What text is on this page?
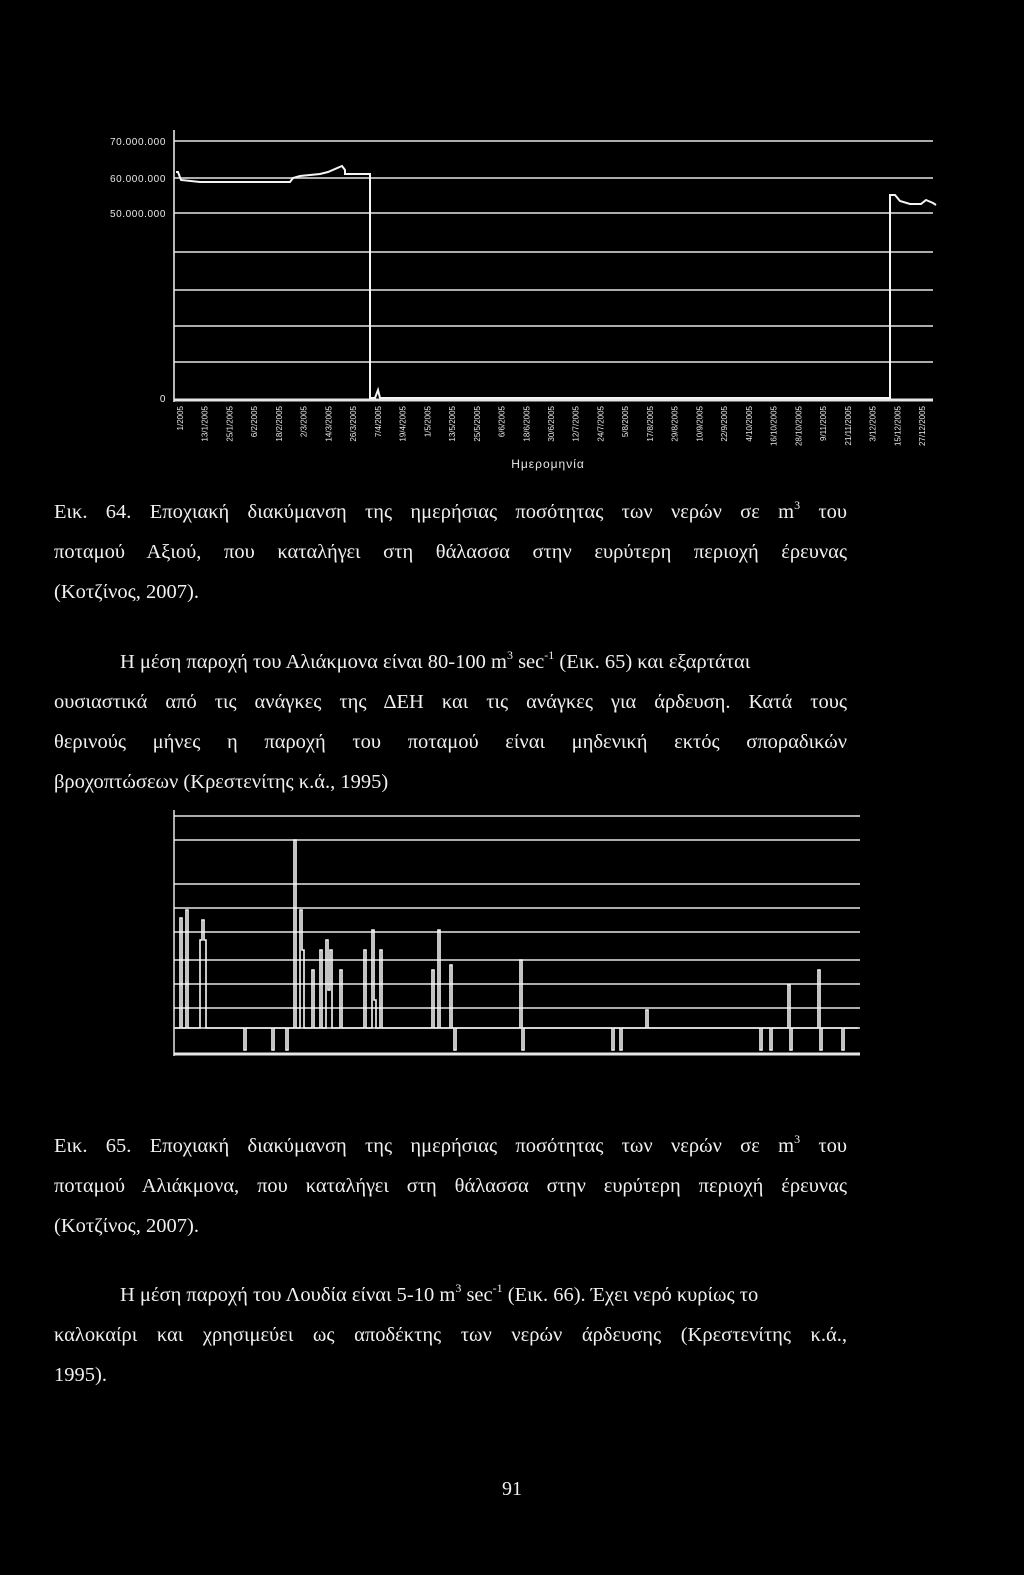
70.000.000
60.000.000
50.000.000
0
1/2005 13/1/2005 25/1/2005 6/2/2005 18/2/2005 2/3/2005 14/3/2005 26/3/2005 7/4/2005 19/4/2005 1/5/2005 13/5/2005 25/5/2005 6/6/2005 18/6/2005 30/6/2005 12/7/2005 24/7/2005 5/8/2005 17/8/2005 29/8/2005 10/9/2005 22/9/2005 4/10/2005 16/10/2005 28/10/2005 9/11/2005 21/11/2005 3/12/2005 15/12/2005 27/12/2005
Ημερομηνία
Εικ. 64. Εποχιακή διακύμανση της ημερήσιας ποσότητας των νερών σε $m^3$ του
ποταμού Αξιού, που καταλήγει στη θάλασσα στην ευρύτερη περιοχή έρευνας
(Κοτζίνος, 2007).
Η μέση παροχή του Αλιάκμονα είναι 80-100 $m^3$ $\sec^{-1} (E\iota\kappa$. 65) και εξαρτάται
ουσιαστικά από τις ανάγκες της ΔΕΗ και τις ανάγκες για άρδευση. Κατά τους
θερινούς μήνες η παροχή του ποταμού είναι μηδενική εκτός σποραδικών
βροχοπτώσεων (Κρεστενίτης κ.ά., 1995)
Εικ. 65. Εποχιακή διακύμανση της ημερήσιας ποσότητας των νερών σε $m^3$ του
ποταμού Αλιάκμονα, που καταλήγει στη θάλασσα στην ευρύτερη περιοχή έρευνας
(Κοτζίνος, 2007).
Η μέση παροχή του Λουδία είναι 5-10 $m^3$ $\sec^{-1} (E\iota\kappa$. 66). Έχει νερό κυρίως το
καλοκαίρι και χρησιμεύει ως αποδέκτης των νερών άρδευσης (Κρεστενίτης κ.ά.,
1995).
91
